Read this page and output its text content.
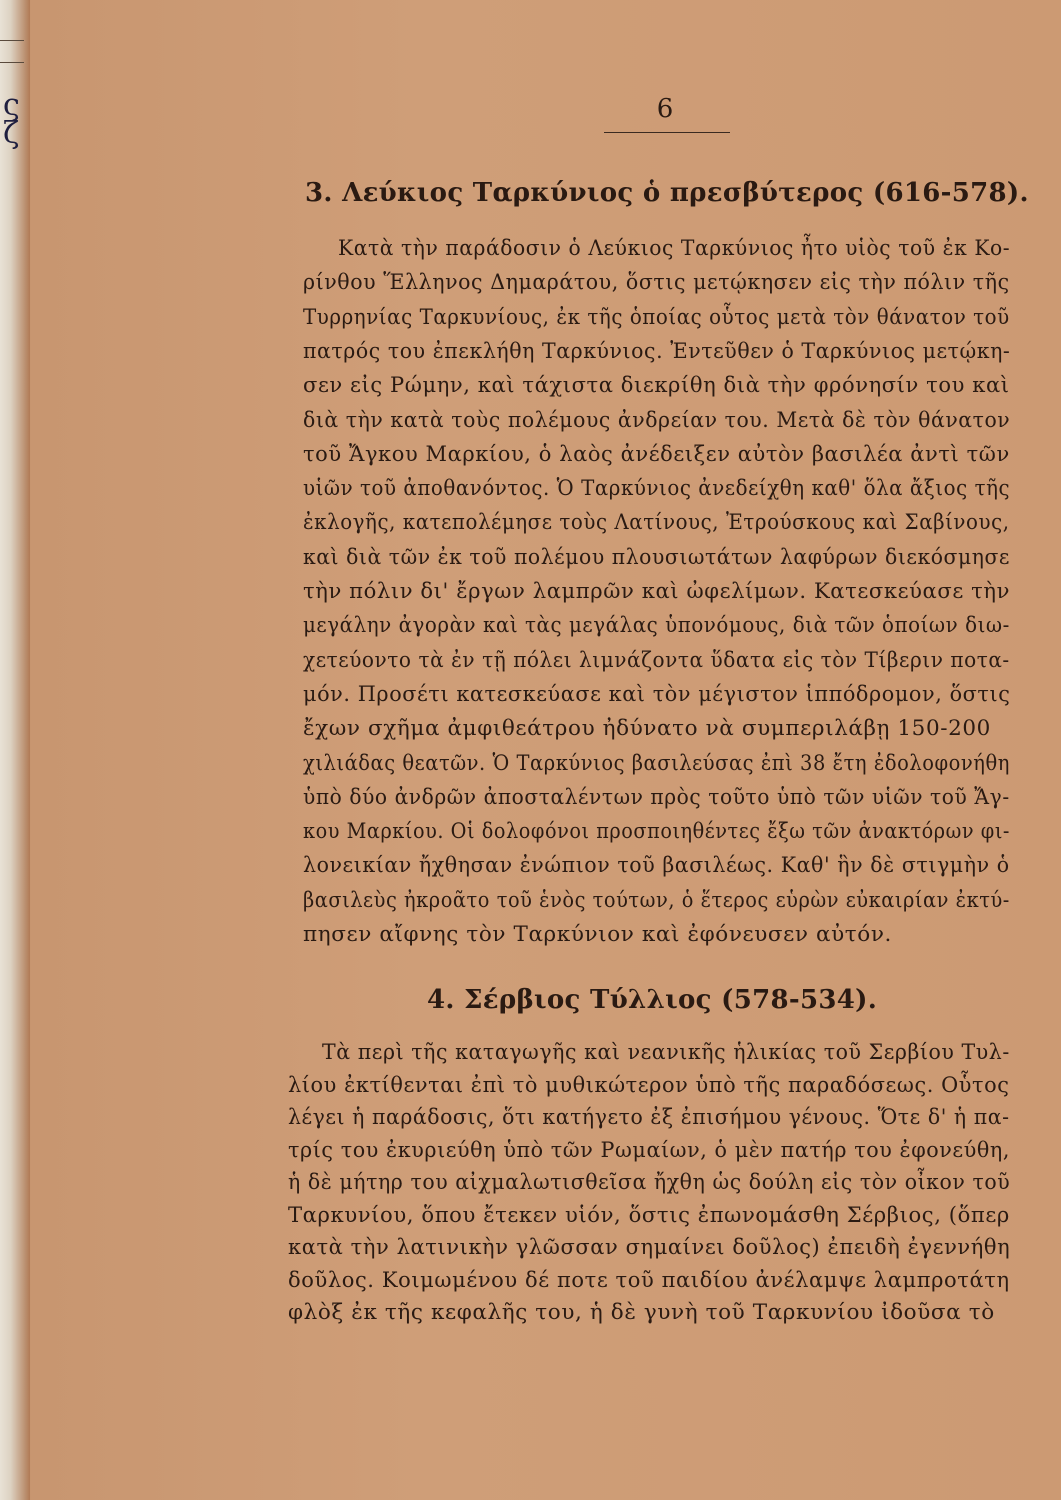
ς
ζ
6
3. Λεύκιος Ταρκύνιος ὁ πρεσβύτερος (616-578).
Κατὰ τὴν παράδοσιν ὁ Λεύκιος Ταρκύνιος ἦτο υἱὸς τοῦ ἐκ Κο-
ρίνθου Ἕλληνος Δημαράτου, ὅστις μετῴκησεν εἰς τὴν πόλιν τῆς
Τυρρηνίας Ταρκυνίους, ἐκ τῆς ὁποίας οὗτος μετὰ τὸν θάνατον τοῦ
πατρός του ἐπεκλήθη Ταρκύνιος. Ἐντεῦθεν ὁ Ταρκύνιος μετῴκη-
σεν εἰς Ρώμην, καὶ τάχιστα διεκρίθη διὰ τὴν φρόνησίν του καὶ
διὰ τὴν κατὰ τοὺς πολέμους ἀνδρείαν του. Μετὰ δὲ τὸν θάνατον
τοῦ Ἄγκου Μαρκίου, ὁ λαὸς ἀνέδειξεν αὐτὸν βασιλέα ἀντὶ τῶν
υἱῶν τοῦ ἀποθανόντος. Ὁ Ταρκύνιος ἀνεδείχθη καθ' ὅλα ἄξιος τῆς
ἐκλογῆς, κατεπολέμησε τοὺς Λατίνους, Ἐτρούσκους καὶ Σαβίνους,
καὶ διὰ τῶν ἐκ τοῦ πολέμου πλουσιωτάτων λαφύρων διεκόσμησε
τὴν πόλιν δι' ἔργων λαμπρῶν καὶ ὠφελίμων. Κατεσκεύασε τὴν
μεγάλην ἀγορὰν καὶ τὰς μεγάλας ὑπονόμους, διὰ τῶν ὁποίων διω-
χετεύοντο τὰ ἐν τῇ πόλει λιμνάζοντα ὕδατα εἰς τὸν Τίβεριν ποτα-
μόν. Προσέτι κατεσκεύασε καὶ τὸν μέγιστον ἱππόδρομον, ὅστις
ἔχων σχῆμα ἀμφιθεάτρου ἠδύνατο νὰ συμπεριλάβῃ 150-200
χιλιάδας θεατῶν. Ὁ Ταρκύνιος βασιλεύσας ἐπὶ 38 ἔτη ἐδολοφονήθη
ὑπὸ δύο ἀνδρῶν ἀποσταλέντων πρὸς τοῦτο ὑπὸ τῶν υἱῶν τοῦ Ἄγ-
κου Μαρκίου. Οἱ δολοφόνοι προσποιηθέντες ἔξω τῶν ἀνακτόρων φι-
λονεικίαν ἤχθησαν ἐνώπιον τοῦ βασιλέως. Καθ' ἣν δὲ στιγμὴν ὁ
βασιλεὺς ἠκροᾶτο τοῦ ἑνὸς τούτων, ὁ ἕτερος εὑρὼν εὐκαιρίαν ἐκτύ-
πησεν αἴφνης τὸν Ταρκύνιον καὶ ἐφόνευσεν αὐτόν.
4. Σέρβιος Τύλλιος (578-534).
Τὰ περὶ τῆς καταγωγῆς καὶ νεανικῆς ἡλικίας τοῦ Σερβίου Τυλ-
λίου ἐκτίθενται ἐπὶ τὸ μυθικώτερον ὑπὸ τῆς παραδόσεως. Οὗτος
λέγει ἡ παράδοσις, ὅτι κατήγετο ἐξ ἐπισήμου γένους. Ὅτε δ' ἡ πα-
τρίς του ἐκυριεύθη ὑπὸ τῶν Ρωμαίων, ὁ μὲν πατήρ του ἐφονεύθη,
ἡ δὲ μήτηρ του αἰχμαλωτισθεῖσα ἤχθη ὡς δούλη εἰς τὸν οἶκον τοῦ
Ταρκυνίου, ὅπου ἔτεκεν υἱόν, ὅστις ἐπωνομάσθη Σέρβιος, (ὅπερ
κατὰ τὴν λατινικὴν γλῶσσαν σημαίνει δοῦλος) ἐπειδὴ ἐγεννήθη
δοῦλος. Κοιμωμένου δέ ποτε τοῦ παιδίου ἀνέλαμψε λαμπροτάτη
φλὸξ ἐκ τῆς κεφαλῆς του, ἡ δὲ γυνὴ τοῦ Ταρκυνίου ἰδοῦσα τὸ
